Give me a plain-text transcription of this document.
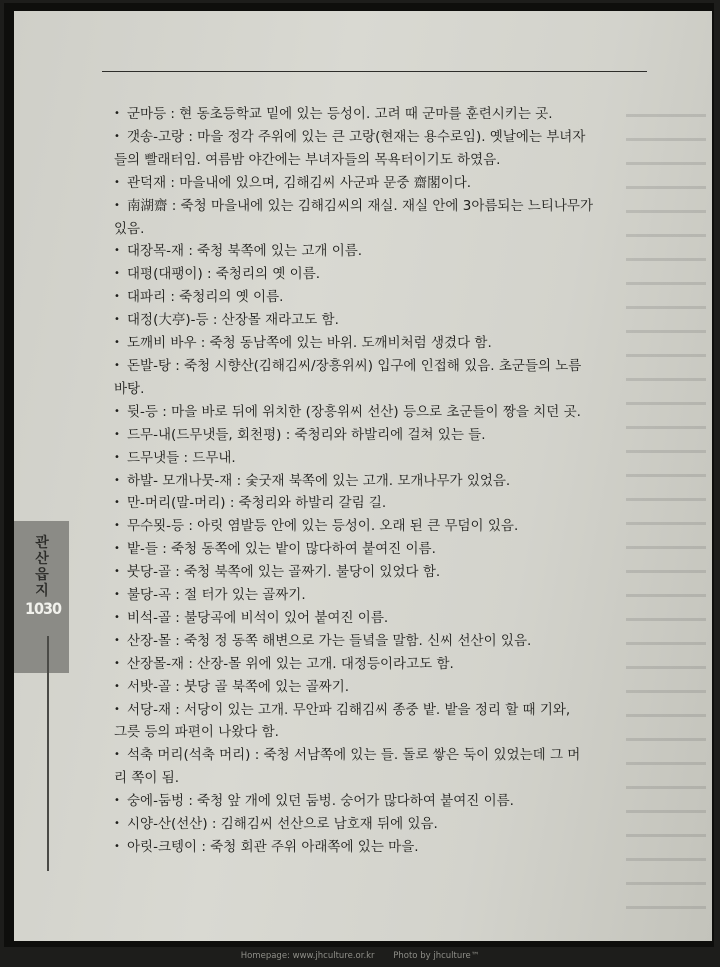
관
산
읍
지
1030
• 군마등 : 현 동초등학교 밑에 있는 등성이. 고려 때 군마를 훈련시키는 곳.
• 갯송-고랑 : 마을 정각 주위에 있는 큰 고랑(현재는 용수로임). 옛날에는 부녀자
들의 빨래터임. 여름밤 야간에는 부녀자들의 목욕터이기도 하였음.
• 관덕재 : 마을내에 있으며, 김해김씨 사군파 문중 齋閣이다.
• 南湖齋 : 죽청 마을내에 있는 김해김씨의 재실. 재실 안에 3아름되는 느티나무가
있음.
• 대장목-재 : 죽청 북쪽에 있는 고개 이름.
• 대평(대팽이) : 죽청리의 옛 이름.
• 대파리 : 죽청리의 옛 이름.
• 대정(大亭)-등 : 산장몰 재라고도 함.
• 도깨비 바우 : 죽청 동남쪽에 있는 바위. 도깨비처럼 생겼다 함.
• 돈발-탕 : 죽청 시향산(김해김씨/장흥위씨) 입구에 인접해 있음. 초군들의 노름
바탕.
• 뒷-등 : 마을 바로 뒤에 위치한 (장흥위씨 선산) 등으로 초군들이 짱을 치던 곳.
• 드무-내(드무냇들, 회천평) : 죽청리와 하발리에 걸쳐 있는 들.
• 드무냇들 : 드무내.
• 하발- 모개나뭇-재 : 숯굿재 북쪽에 있는 고개. 모개나무가 있었음.
• 만-머리(말-머리) : 죽청리와 하발리 갈림 길.
• 무수묏-등 : 아릿 염발등 안에 있는 등성이. 오래 된 큰 무덤이 있음.
• 밭-들 : 죽청 동쪽에 있는 밭이 많다하여 붙여진 이름.
• 붓당-골 : 죽청 북쪽에 있는 골짜기. 불당이 있었다 함.
• 불당-곡 : 절 터가 있는 골짜기.
• 비석-골 : 불당곡에 비석이 있어 붙여진 이름.
• 산장-몰 : 죽청 정 동쪽 해변으로 가는 들녘을 말함. 신씨 선산이 있음.
• 산장몰-재 : 산장-몰 위에 있는 고개. 대정등이라고도 함.
• 서밧-골 : 붓당 골 북쪽에 있는 골짜기.
• 서당-재 : 서당이 있는 고개. 무안파 김해김씨 종중 밭. 밭을 정리 할 때 기와,
그릇 등의 파편이 나왔다 함.
• 석축 머리(석축 머리) : 죽청 서남쪽에 있는 들. 돌로 쌓은 둑이 있었는데 그 머
리 쪽이 됨.
• 숭에-둠벙 : 죽청 앞 개에 있던 둠벙. 숭어가 많다하여 붙여진 이름.
• 시양-산(선산) : 김해김씨 선산으로 남호재 뒤에 있음.
• 아릿-크텡이 : 죽청 회관 주위 아래쪽에 있는 마을.
Homepage: www.jhculture.or.kr Photo by jhculture™
